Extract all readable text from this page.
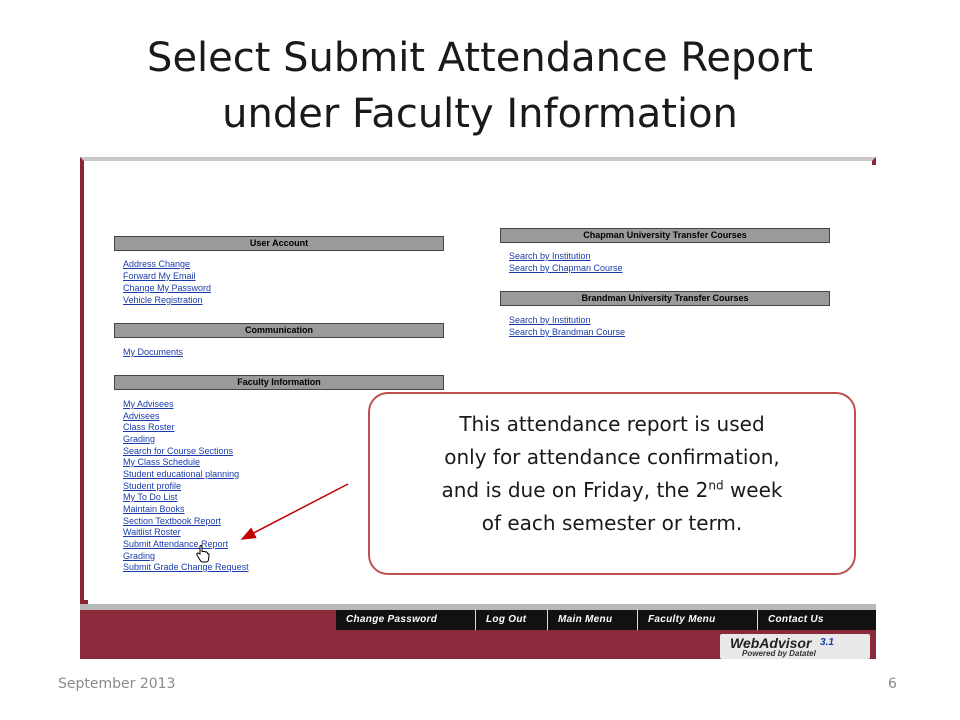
Select Submit Attendance Report
under Faculty Information
User Account
Address Change
Forward My Email
Change My Password
Vehicle Registration
Communication
My Documents
Faculty Information
My Advisees
Advisees
Class Roster
Grading
Search for Course Sections
My Class Schedule
Student educational planning
Student profile
My To Do List
Maintain Books
Section Textbook Report
Waitlist Roster
Submit Attendance Report
Grading
Submit Grade Change Request
Chapman University Transfer Courses
Search by Institution
Search by Chapman Course
Brandman University Transfer Courses
Search by Institution
Search by Brandman Course
Change Password	Log Out	Main Menu	Faculty Menu	Contact Us
WebAdvisor 3.1
Powered by Datatel
This attendance report is used
only for attendance confirmation,
and is due on Friday, the 2nd week
of each semester or term.
September 2013	6
